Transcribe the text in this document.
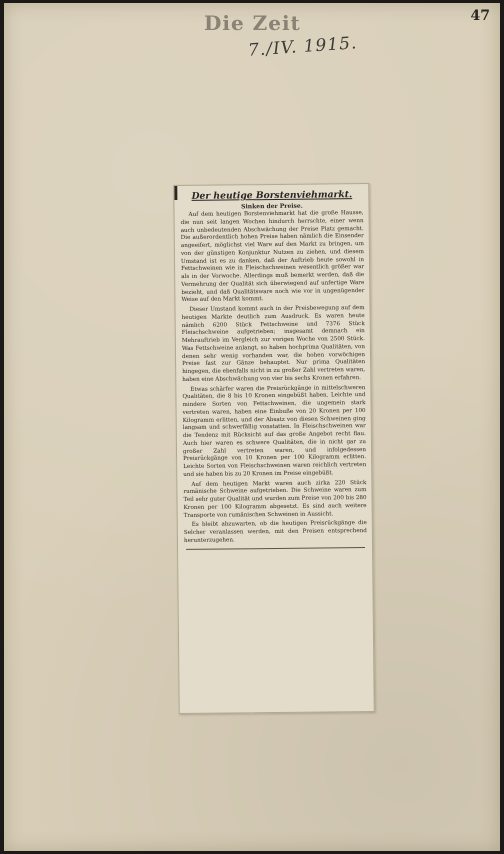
Die Zeit	47
7./IV. 1915.
Der heutige Borstenviehmarkt.
Sinken der Preise.

Auf dem heutigen Borstenviehmarkt hat die große Hausse, die nun seit langen Wochen hindurch herrschte, einer wenn auch unbedeutenden Abschwächung der Preise Platz gemacht. Die außerordentlich hohen Preise haben nämlich die Einsender angeeifert, möglichst viel Ware auf den Markt zu bringen, um von der günstigen Konjunktur Nutzen zu ziehen, und diesem Umstand ist es zu danken, daß der Auftrieb heute sowohl in Fettschweinen wie in Fleischschweinen wesentlich größer war als in der Vorwoche. Allerdings muß bemerkt werden, daß die Vermehrung der Qualität sich überwiegend auf unfertige Ware bezieht, und daß Qualitätsware noch wie vor in ungenügender Weise auf den Markt kommt.

Dieser Umstand kommt auch in der Preisbewegung auf dem heutigen Markte deutlich zum Ausdruck. Es waren heute nämlich 6200 Stück Fettschweine und 7376 Stück Fleischschweine aufgetrieben; insgesamt demnach ein Mehrauftrieb im Vergleich zur vorigen Woche von 2500 Stück. Was Fettschweine anlangt, so haben hochprima Qualitäten, von denen sehr wenig vorhanden war, die hohen vorwöchigen Preise fast zur Gänze behauptet. Nur prima Qualitäten hingegen, die ebenfalls nicht in zu großer Zahl vertreten waren, haben eine Abschwächung von vier bis sechs Kronen erfahren.

Etwas schärfer waren die Preisrückgänge in mittelschweren Qualitäten, die 8 bis 10 Kronen eingebüßt haben. Leichte und mindere Sorten von Fettschweinen, die ungemein stark vertreten waren, haben eine Einbuße von 20 Kronen per 100 Kilogramm erlitten, und der Absatz von diesen Schweinen ging langsam und schwerfällig vonstatten. In Fleischschweinen war die Tendenz mit Rücksicht auf das große Angebot recht flau. Auch hier waren es schwere Qualitäten, die in nicht gar zu großer Zahl vertreten waren, und infolgedessen Preisrückgänge von 10 Kronen per 100 Kilogramm erlitten. Leichte Sorten von Fleischschweinen waren reichlich vertreten und sie haben bis zu 20 Kronen im Preise eingebüßt.

Auf dem heutigen Markt waren auch zirka 220 Stück rumänische Schweine aufgetrieben. Die Schweine waren zum Teil sehr guter Qualität und wurden zum Preise von 200 bis 280 Kronen per 100 Kilogramm abgesetzt. Es sind auch weitere Transporte von rumänischen Schweinen in Aussicht.

Es bleibt abzuwarten, ob die heutigen Preisrückgänge die Selcher veranlassen werden, mit den Preisen entsprechend herunterzugehen.
